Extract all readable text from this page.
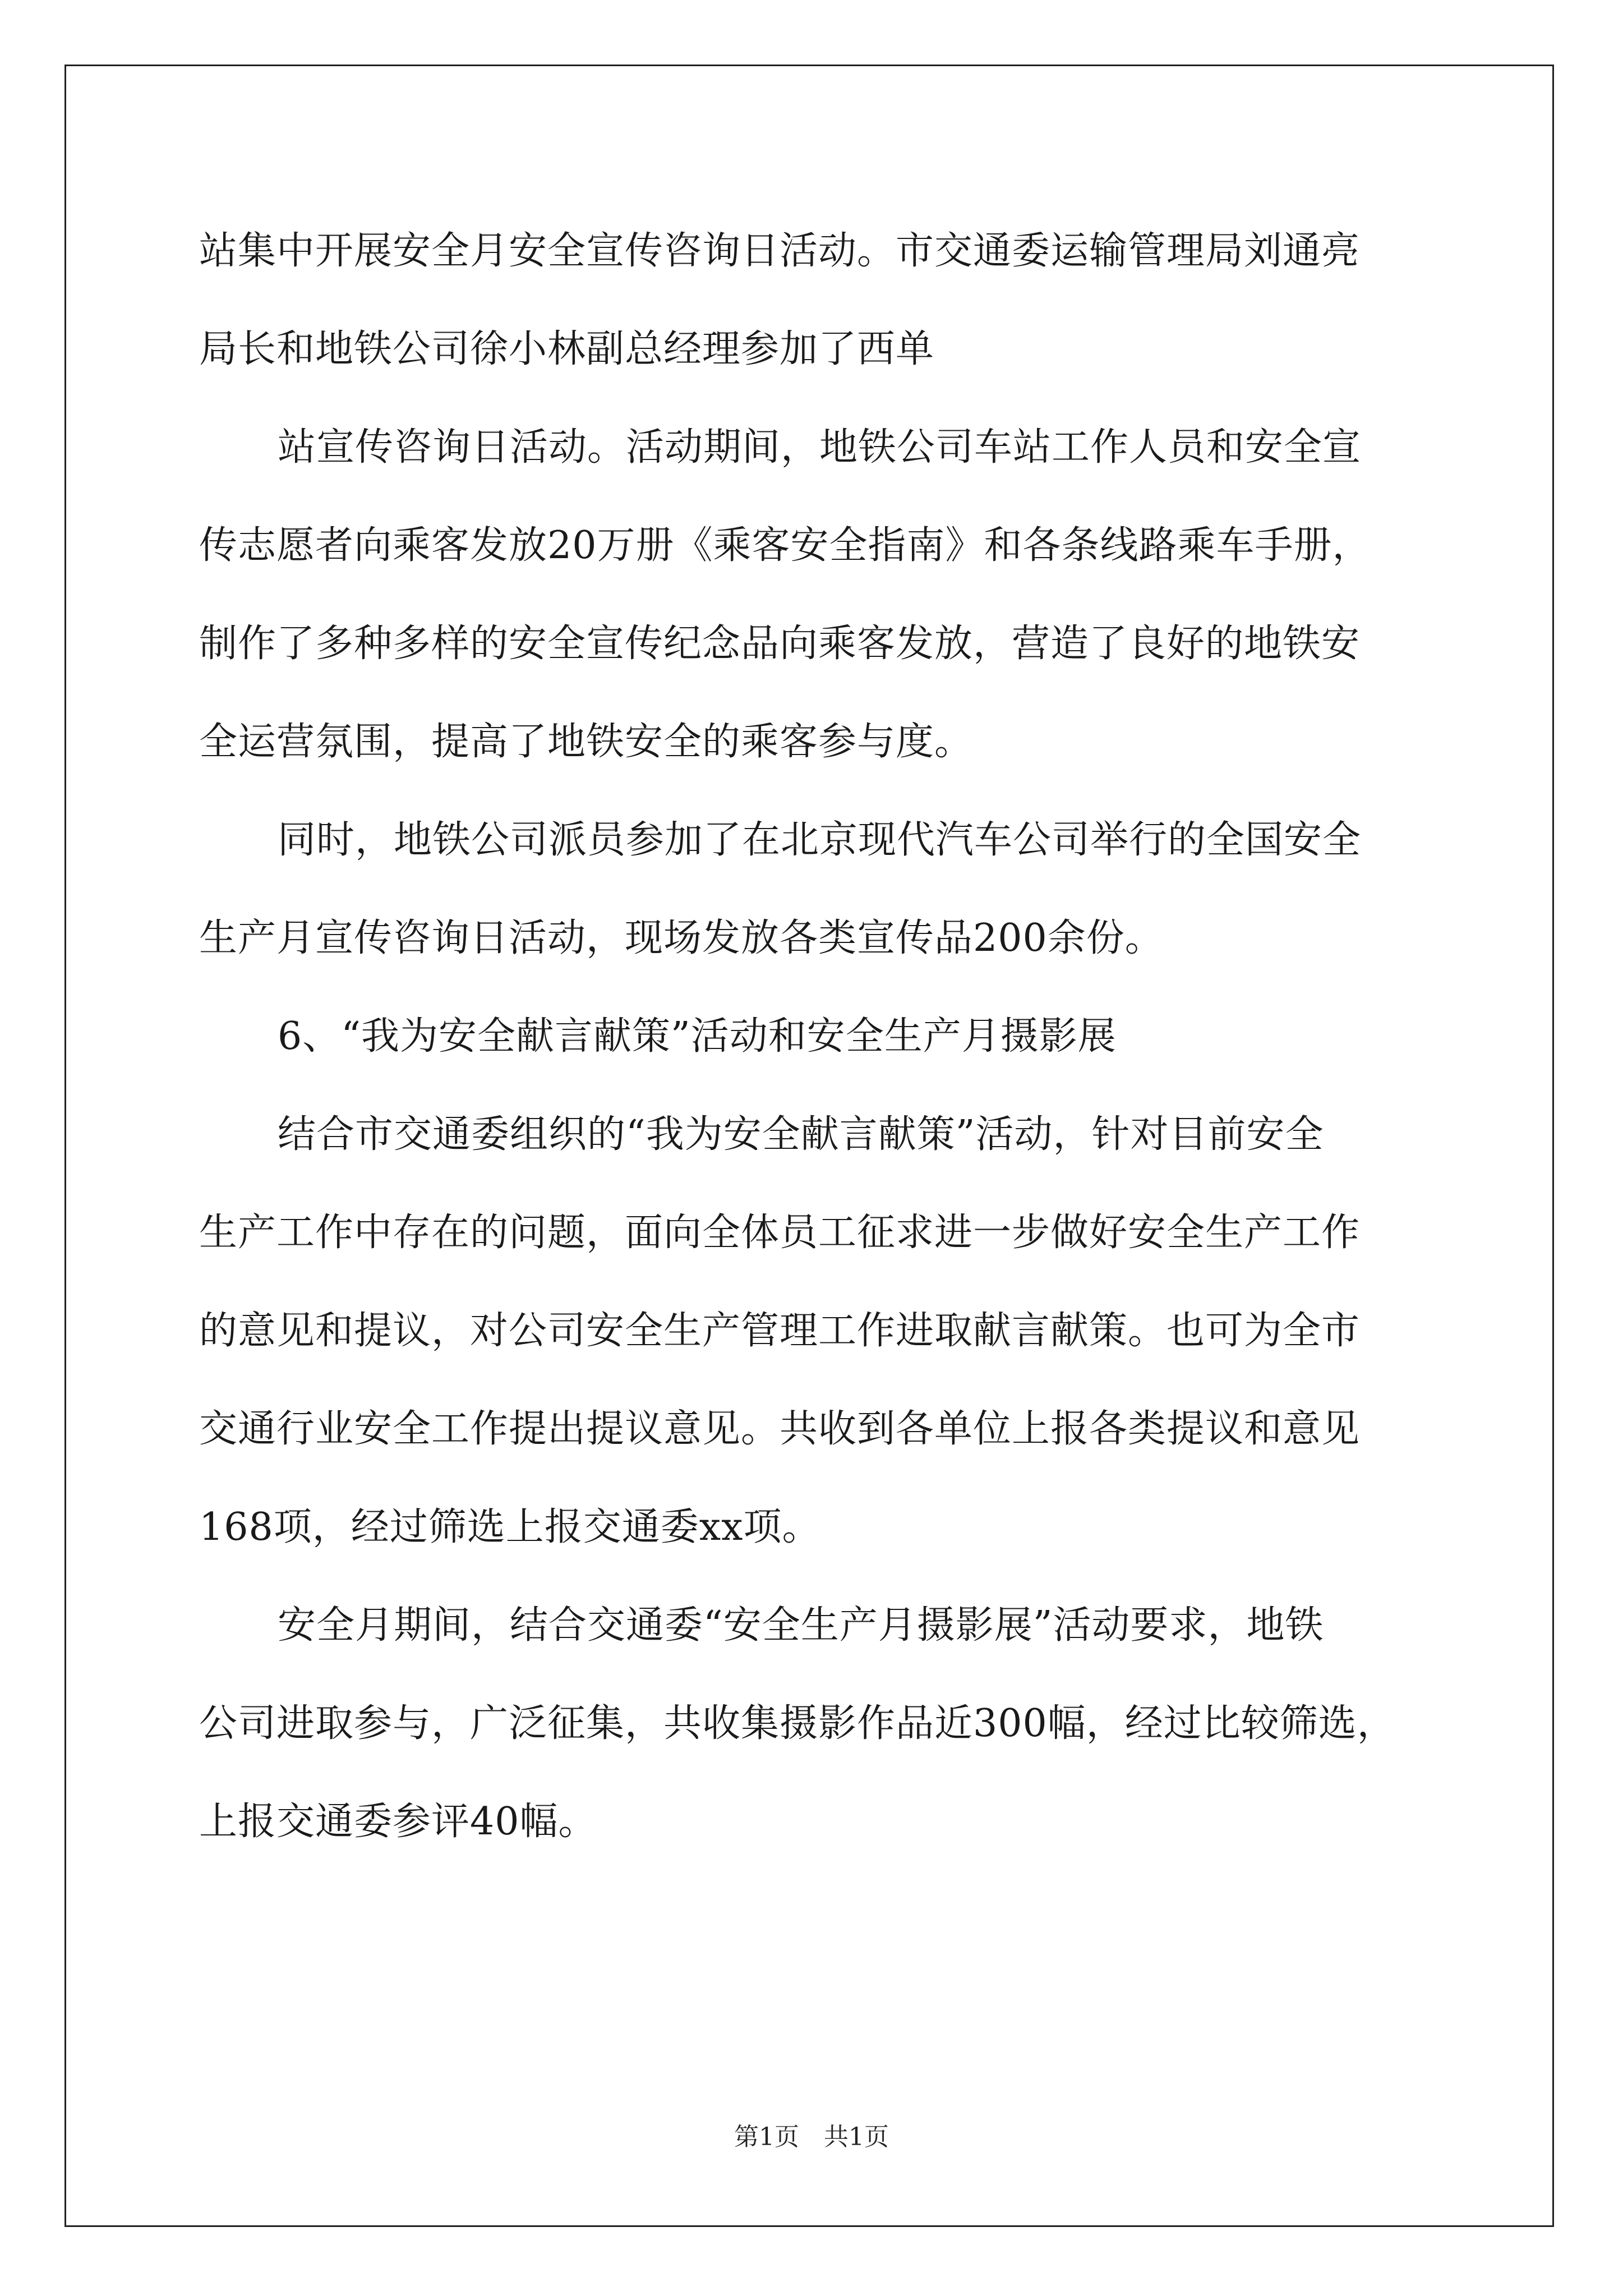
站集中开展安全月安全宣传咨询日活动。市交通委运输管理局刘通亮
局长和地铁公司徐小林副总经理参加了西单
站宣传咨询日活动。活动期间，地铁公司车站工作人员和安全宣
传志愿者向乘客发放20万册《乘客安全指南》和各条线路乘车手册，
制作了多种多样的安全宣传纪念品向乘客发放，营造了良好的地铁安
全运营氛围，提高了地铁安全的乘客参与度。
同时，地铁公司派员参加了在北京现代汽车公司举行的全国安全
生产月宣传咨询日活动，现场发放各类宣传品200余份。
6、“我为安全献言献策”活动和安全生产月摄影展
结合市交通委组织的“我为安全献言献策”活动，针对目前安全
生产工作中存在的问题，面向全体员工征求进一步做好安全生产工作
的意见和提议，对公司安全生产管理工作进取献言献策。也可为全市
交通行业安全工作提出提议意见。共收到各单位上报各类提议和意见
168项，经过筛选上报交通委xx项。
安全月期间，结合交通委“安全生产月摄影展”活动要求，地铁
公司进取参与，广泛征集，共收集摄影作品近300幅，经过比较筛选，
上报交通委参评40幅。
第1页　共1页
